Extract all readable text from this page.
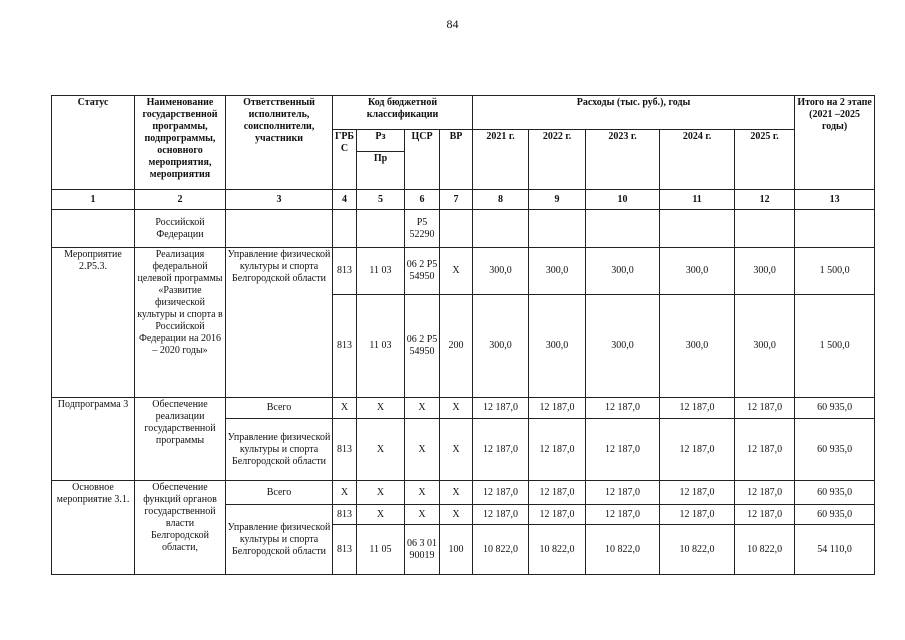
84
Статус	Наименование государственной программы, подпрограммы, основного мероприятия, мероприятия	Ответственный исполнитель, соисполнители, участники	Код бюджетной классификации				Расходы (тыс. руб.), годы					Итого на 2 этапе (2021 –2025 годы)
			ГРБ С	Рз	ЦСР	ВР	2021 г.	2022 г.	2023 г.	2024 г.	2025 г.	
				Пр								
1	2	3	4	5	6	7	8	9	10	11	12	13
	Российской Федерации				Р5 52290							
Мероприятие 2.Р5.3.	Реализация федеральной целевой программы «Развитие физической культуры и спорта в Российской Федерации на 2016 – 2020 годы»	Управление физической культуры и спорта Белгородской области	813	11 03	06 2 Р5 54950	Х	300,0	300,0	300,0	300,0	300,0	1 500,0
			813	11 03	06 2 Р5 54950	200	300,0	300,0	300,0	300,0	300,0	1 500,0
Подпрограмма 3	Обеспечение реализации государственной программы	Всего	Х	Х	Х	Х	12 187,0	12 187,0	12 187,0	12 187,0	12 187,0	60 935,0
		Управление физической культуры и спорта Белгородской области	813	Х	Х	Х	12 187,0	12 187,0	12 187,0	12 187,0	12 187,0	60 935,0
Основное мероприятие 3.1.	Обеспечение функций органов государственной власти Белгородской области,	Всего	Х	Х	Х	Х	12 187,0	12 187,0	12 187,0	12 187,0	12 187,0	60 935,0
		Управление физической культуры и спорта Белгородской области	813	Х	Х	Х	12 187,0	12 187,0	12 187,0	12 187,0	12 187,0	60 935,0
			813	11 05	06 3 01 90019	100	10 822,0	10 822,0	10 822,0	10 822,0	10 822,0	54 110,0
